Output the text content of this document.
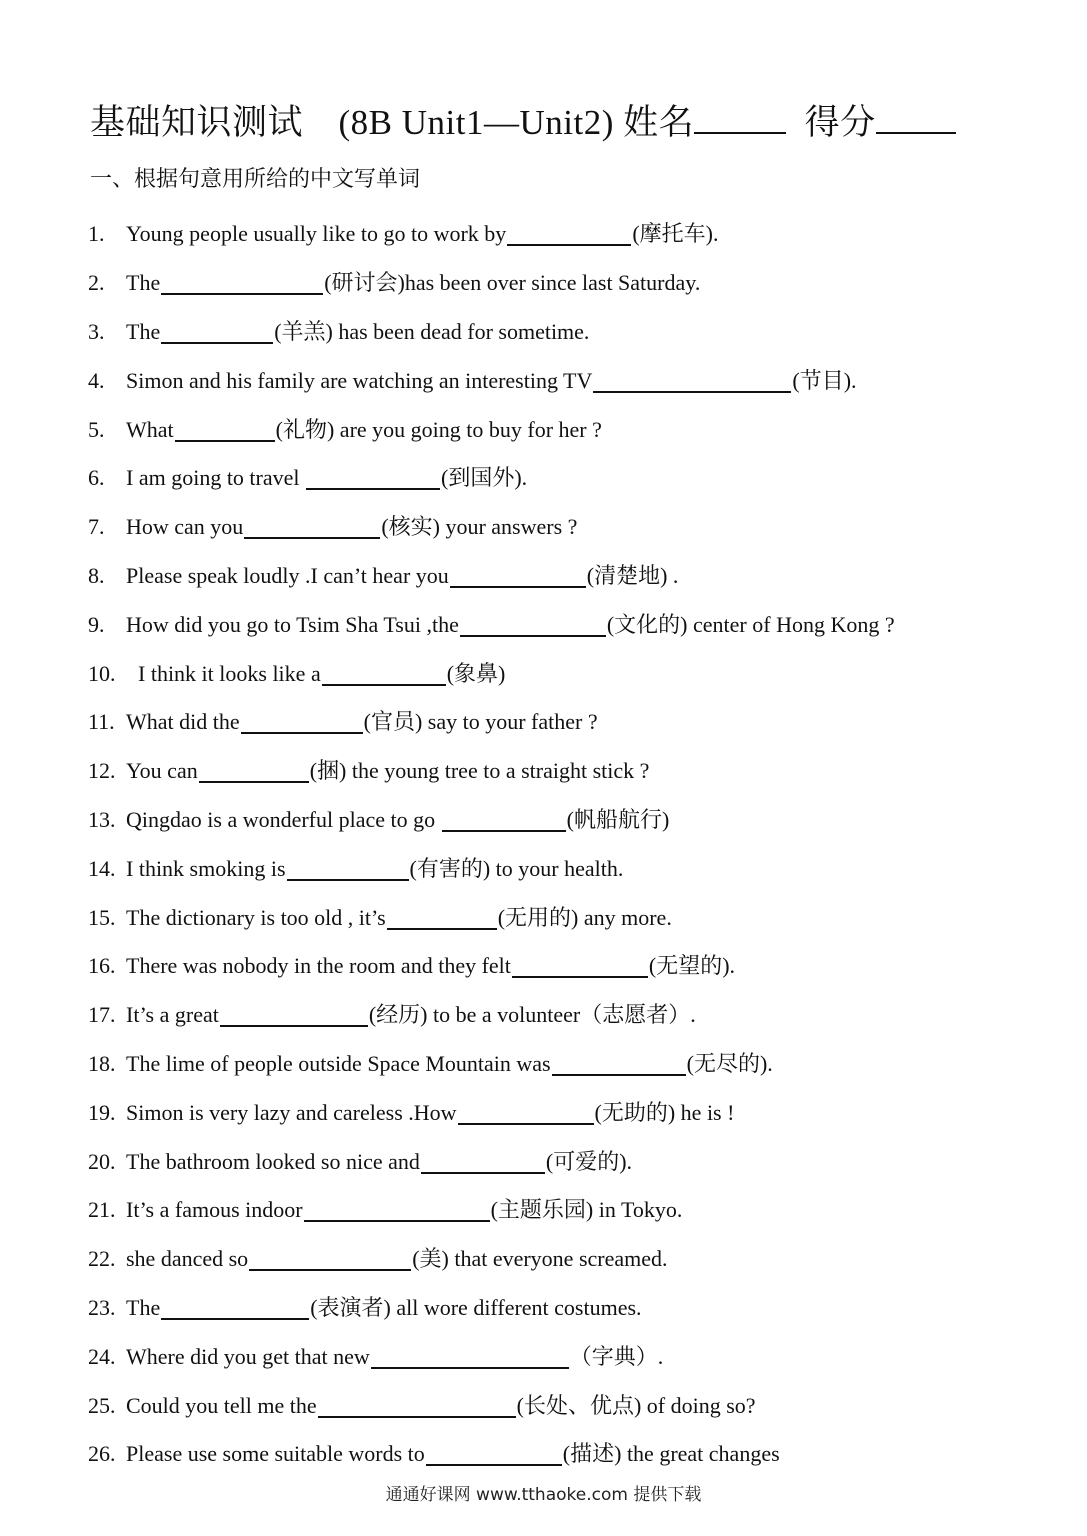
基础知识测试　(8B Unit1—Unit2) 姓名	得分
一、根据句意用所给的中文写单词
1. Young people usually like to go to work by	(摩托车).
2. The	(研讨会)has been over since last Saturday.
3. The	(羊羔) has been dead for sometime.
4. Simon and his family are watching an interesting TV	(节目).
5. What	(礼物) are you going to buy for her ?
6. I am going to travel
	(到国外).
7. How can you	(核实) your answers ?
8. Please speak loudly .I can’t hear you	(清楚地) .
9. How did you go to Tsim Sha Tsui ,the	(文化的) center of Hong Kong ?
10.	I think it looks like a	(象鼻)
11. What did the	(官员) say to your father ?
12. You can	(捆) the young tree to a straight stick ?
13. Qingdao is a wonderful place to go
	(帆船航行)
14. I think smoking is	(有害的) to your health.
15. The dictionary is too old , it’s	(无用的) any more.
16. There was nobody in the room and they felt	(无望的).
17. It’s a great	(经历) to be a volunteer（志愿者）.
18. The lime of people outside Space Mountain was	(无尽的).
19. Simon is very lazy and careless .How	(无助的) he is !
20. The bathroom looked so nice and	(可爱的).
21. It’s a famous indoor	(主题乐园) in Tokyo.
22. she danced so	(美) that everyone screamed.
23. The	(表演者) all wore different costumes.
24. Where did you get that new	（字典）.
25. Could you tell me the	(长处、优点) of doing so?
26. Please use some suitable words to	(描述) the great changes
通通好课网 www.tthaoke.com 提供下载
